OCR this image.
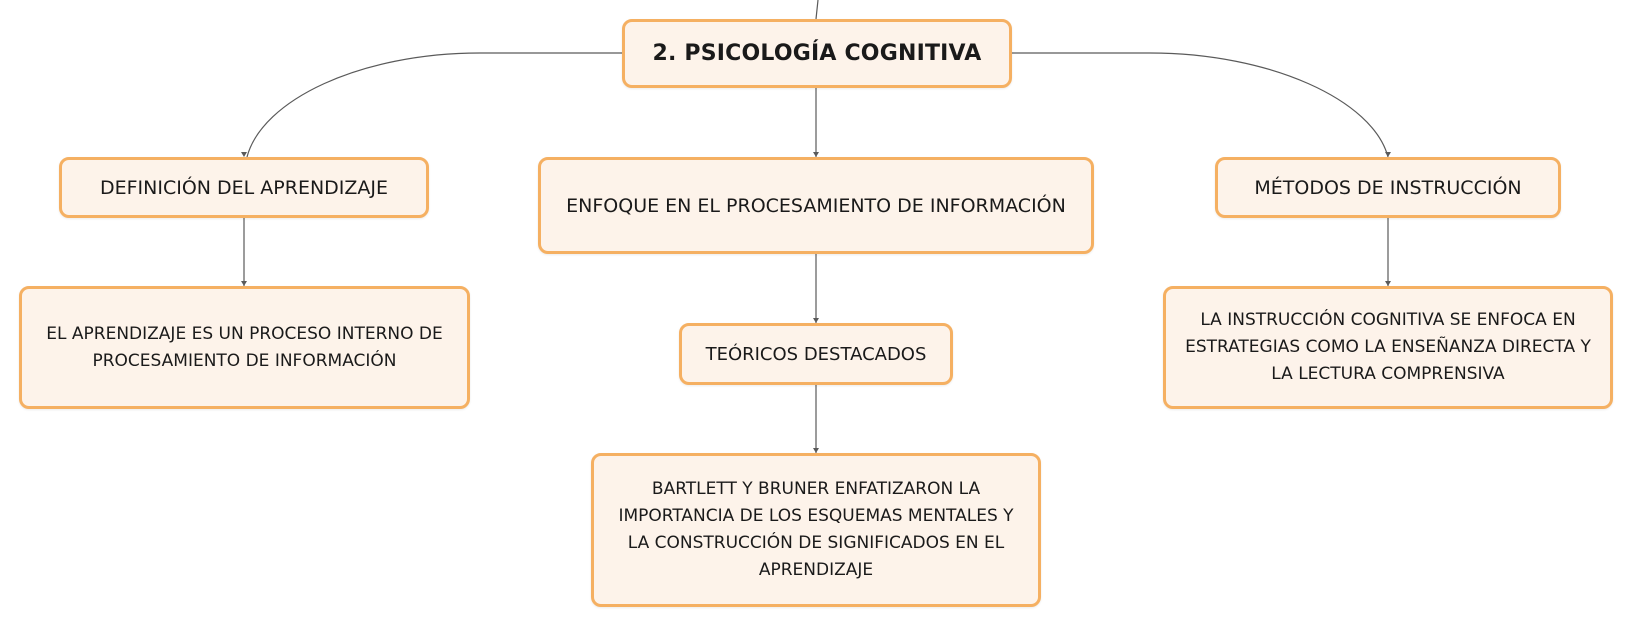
2. PSICOLOGÍA COGNITIVA
DEFINICIÓN DEL APRENDIZAJE
ENFOQUE EN EL PROCESAMIENTO DE INFORMACIÓN
MÉTODOS DE INSTRUCCIÓN
EL APRENDIZAJE ES UN PROCESO INTERNO DE PROCESAMIENTO DE INFORMACIÓN	TEÓRICOS DESTACADOS
BARTLETT Y BRUNER ENFATIZARON LA IMPORTANCIA DE LOS ESQUEMAS MENTALES Y LA CONSTRUCCIÓN DE SIGNIFICADOS EN EL APRENDIZAJE
LA INSTRUCCIÓN COGNITIVA SE ENFOCA EN ESTRATEGIAS COMO LA ENSEÑANZA DIRECTA Y LA LECTURA COMPRENSIVA
